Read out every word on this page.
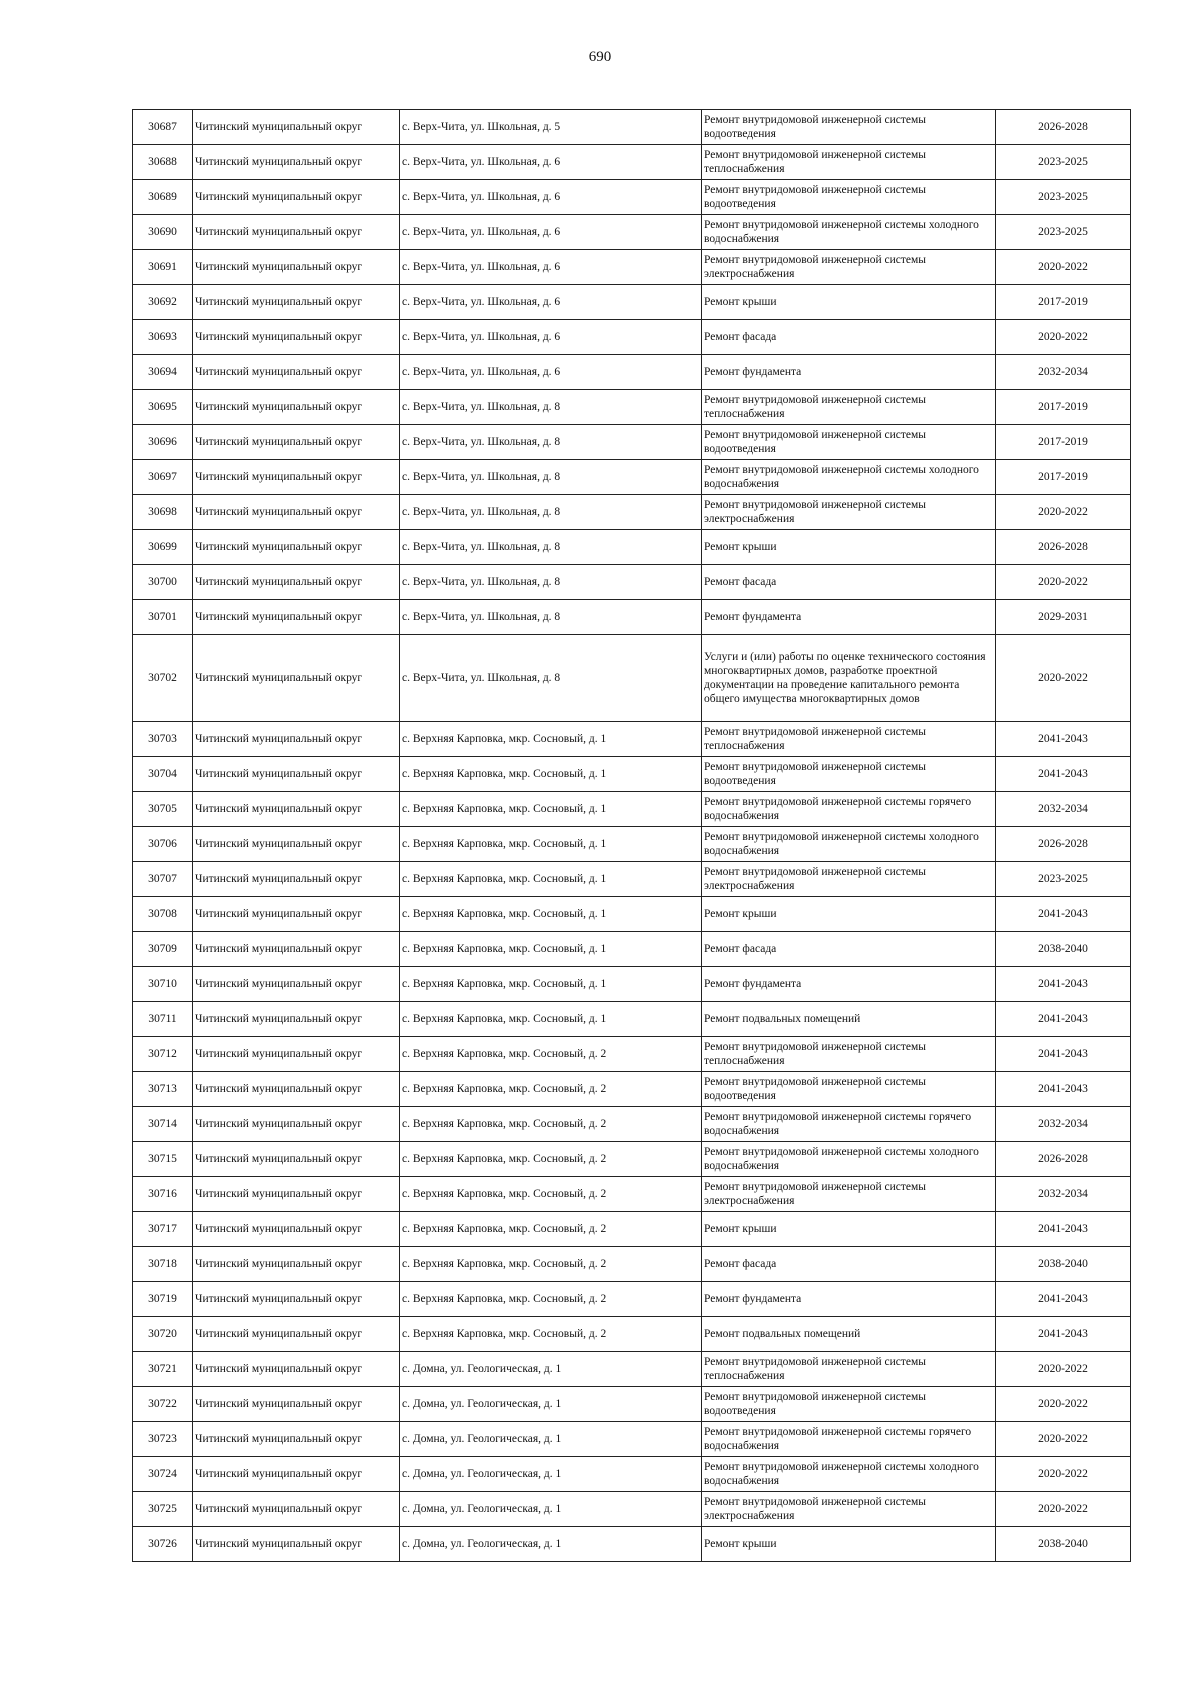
690
30687	Читинский муниципальный округ	с. Верх-Чита, ул. Школьная, д. 5	Ремонт внутридомовой инженерной системы водоотведения	2026-2028
30688	Читинский муниципальный округ	с. Верх-Чита, ул. Школьная, д. 6	Ремонт внутридомовой инженерной системы теплоснабжения	2023-2025
30689	Читинский муниципальный округ	с. Верх-Чита, ул. Школьная, д. 6	Ремонт внутридомовой инженерной системы водоотведения	2023-2025
30690	Читинский муниципальный округ	с. Верх-Чита, ул. Школьная, д. 6	Ремонт внутридомовой инженерной системы холодного водоснабжения	2023-2025
30691	Читинский муниципальный округ	с. Верх-Чита, ул. Школьная, д. 6	Ремонт внутридомовой инженерной системы электроснабжения	2020-2022
30692	Читинский муниципальный округ	с. Верх-Чита, ул. Школьная, д. 6	Ремонт крыши	2017-2019
30693	Читинский муниципальный округ	с. Верх-Чита, ул. Школьная, д. 6	Ремонт фасада	2020-2022
30694	Читинский муниципальный округ	с. Верх-Чита, ул. Школьная, д. 6	Ремонт фундамента	2032-2034
30695	Читинский муниципальный округ	с. Верх-Чита, ул. Школьная, д. 8	Ремонт внутридомовой инженерной системы теплоснабжения	2017-2019
30696	Читинский муниципальный округ	с. Верх-Чита, ул. Школьная, д. 8	Ремонт внутридомовой инженерной системы водоотведения	2017-2019
30697	Читинский муниципальный округ	с. Верх-Чита, ул. Школьная, д. 8	Ремонт внутридомовой инженерной системы холодного водоснабжения	2017-2019
30698	Читинский муниципальный округ	с. Верх-Чита, ул. Школьная, д. 8	Ремонт внутридомовой инженерной системы электроснабжения	2020-2022
30699	Читинский муниципальный округ	с. Верх-Чита, ул. Школьная, д. 8	Ремонт крыши	2026-2028
30700	Читинский муниципальный округ	с. Верх-Чита, ул. Школьная, д. 8	Ремонт фасада	2020-2022
30701	Читинский муниципальный округ	с. Верх-Чита, ул. Школьная, д. 8	Ремонт фундамента	2029-2031
30702	Читинский муниципальный округ	с. Верх-Чита, ул. Школьная, д. 8	Услуги и (или) работы по оценке технического состояния многоквартирных домов, разработке проектной документации на проведение капитального ремонта общего имущества многоквартирных домов	2020-2022
30703	Читинский муниципальный округ	с. Верхняя Карповка, мкр. Сосновый, д. 1	Ремонт внутридомовой инженерной системы теплоснабжения	2041-2043
30704	Читинский муниципальный округ	с. Верхняя Карповка, мкр. Сосновый, д. 1	Ремонт внутридомовой инженерной системы водоотведения	2041-2043
30705	Читинский муниципальный округ	с. Верхняя Карповка, мкр. Сосновый, д. 1	Ремонт внутридомовой инженерной системы горячего водоснабжения	2032-2034
30706	Читинский муниципальный округ	с. Верхняя Карповка, мкр. Сосновый, д. 1	Ремонт внутридомовой инженерной системы холодного водоснабжения	2026-2028
30707	Читинский муниципальный округ	с. Верхняя Карповка, мкр. Сосновый, д. 1	Ремонт внутридомовой инженерной системы электроснабжения	2023-2025
30708	Читинский муниципальный округ	с. Верхняя Карповка, мкр. Сосновый, д. 1	Ремонт крыши	2041-2043
30709	Читинский муниципальный округ	с. Верхняя Карповка, мкр. Сосновый, д. 1	Ремонт фасада	2038-2040
30710	Читинский муниципальный округ	с. Верхняя Карповка, мкр. Сосновый, д. 1	Ремонт фундамента	2041-2043
30711	Читинский муниципальный округ	с. Верхняя Карповка, мкр. Сосновый, д. 1	Ремонт подвальных помещений	2041-2043
30712	Читинский муниципальный округ	с. Верхняя Карповка, мкр. Сосновый, д. 2	Ремонт внутридомовой инженерной системы теплоснабжения	2041-2043
30713	Читинский муниципальный округ	с. Верхняя Карповка, мкр. Сосновый, д. 2	Ремонт внутридомовой инженерной системы водоотведения	2041-2043
30714	Читинский муниципальный округ	с. Верхняя Карповка, мкр. Сосновый, д. 2	Ремонт внутридомовой инженерной системы горячего водоснабжения	2032-2034
30715	Читинский муниципальный округ	с. Верхняя Карповка, мкр. Сосновый, д. 2	Ремонт внутридомовой инженерной системы холодного водоснабжения	2026-2028
30716	Читинский муниципальный округ	с. Верхняя Карповка, мкр. Сосновый, д. 2	Ремонт внутридомовой инженерной системы электроснабжения	2032-2034
30717	Читинский муниципальный округ	с. Верхняя Карповка, мкр. Сосновый, д. 2	Ремонт крыши	2041-2043
30718	Читинский муниципальный округ	с. Верхняя Карповка, мкр. Сосновый, д. 2	Ремонт фасада	2038-2040
30719	Читинский муниципальный округ	с. Верхняя Карповка, мкр. Сосновый, д. 2	Ремонт фундамента	2041-2043
30720	Читинский муниципальный округ	с. Верхняя Карповка, мкр. Сосновый, д. 2	Ремонт подвальных помещений	2041-2043
30721	Читинский муниципальный округ	с. Домна, ул. Геологическая, д. 1	Ремонт внутридомовой инженерной системы теплоснабжения	2020-2022
30722	Читинский муниципальный округ	с. Домна, ул. Геологическая, д. 1	Ремонт внутридомовой инженерной системы водоотведения	2020-2022
30723	Читинский муниципальный округ	с. Домна, ул. Геологическая, д. 1	Ремонт внутридомовой инженерной системы горячего водоснабжения	2020-2022
30724	Читинский муниципальный округ	с. Домна, ул. Геологическая, д. 1	Ремонт внутридомовой инженерной системы холодного водоснабжения	2020-2022
30725	Читинский муниципальный округ	с. Домна, ул. Геологическая, д. 1	Ремонт внутридомовой инженерной системы электроснабжения	2020-2022
30726	Читинский муниципальный округ	с. Домна, ул. Геологическая, д. 1	Ремонт крыши	2038-2040
